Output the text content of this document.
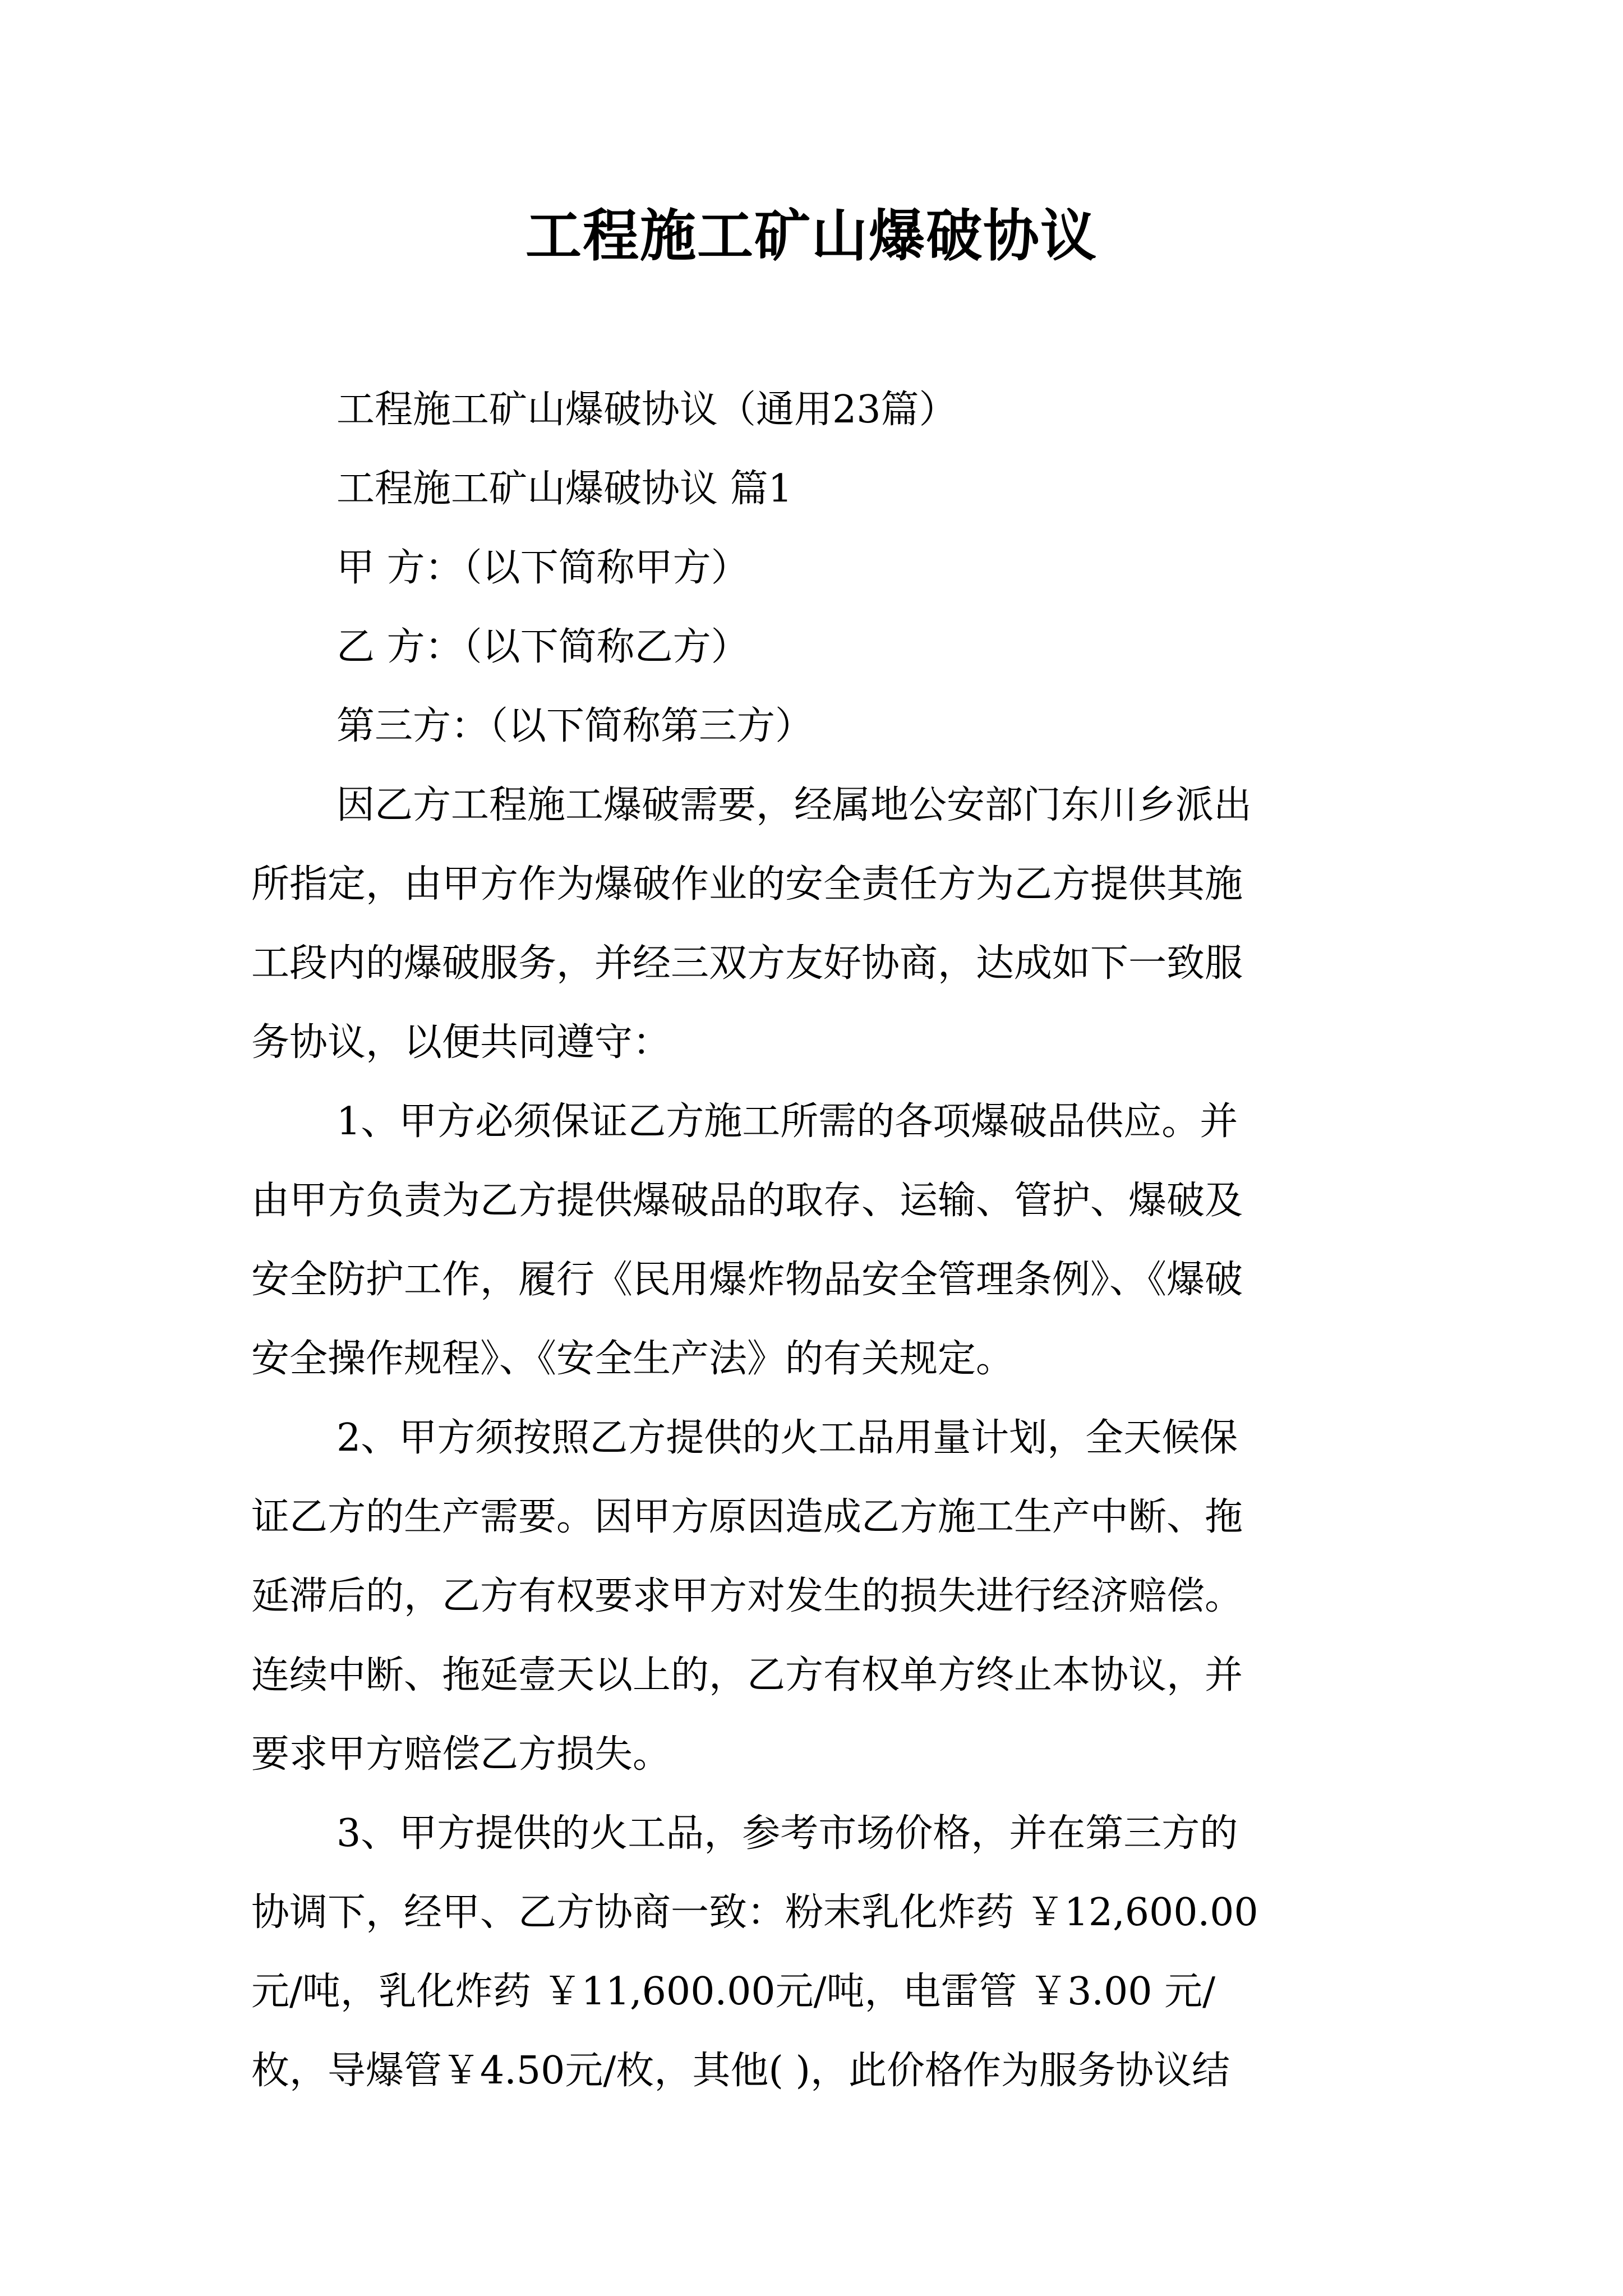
工程施工矿山爆破协议
工程施工矿山爆破协议（通用23篇）
工程施工矿山爆破协议 篇1
甲 方：（以下简称甲方）
乙 方：（以下简称乙方）
第三方：（以下简称第三方）
因乙方工程施工爆破需要，经属地公安部门东川乡派出
所指定，由甲方作为爆破作业的安全责任方为乙方提供其施
工段内的爆破服务，并经三双方友好协商，达成如下一致服
务协议，以便共同遵守：
1、甲方必须保证乙方施工所需的各项爆破品供应。并
由甲方负责为乙方提供爆破品的取存、运输、管护、爆破及
安全防护工作，履行《民用爆炸物品安全管理条例》、《爆破
安全操作规程》、《安全生产法》的有关规定。
2、甲方须按照乙方提供的火工品用量计划，全天候保
证乙方的生产需要。因甲方原因造成乙方施工生产中断、拖
延滞后的，乙方有权要求甲方对发生的损失进行经济赔偿。
连续中断、拖延壹天以上的，乙方有权单方终止本协议，并
要求甲方赔偿乙方损失。
3、甲方提供的火工品，参考市场价格，并在第三方的
协调下，经甲、乙方协商一致：粉末乳化炸药 ￥12,600.00
元/吨，乳化炸药 ￥11,600.00元/吨，电雷管 ￥3.00 元/
枚，导爆管￥4.50元/枚，其他( )，此价格作为服务协议结
